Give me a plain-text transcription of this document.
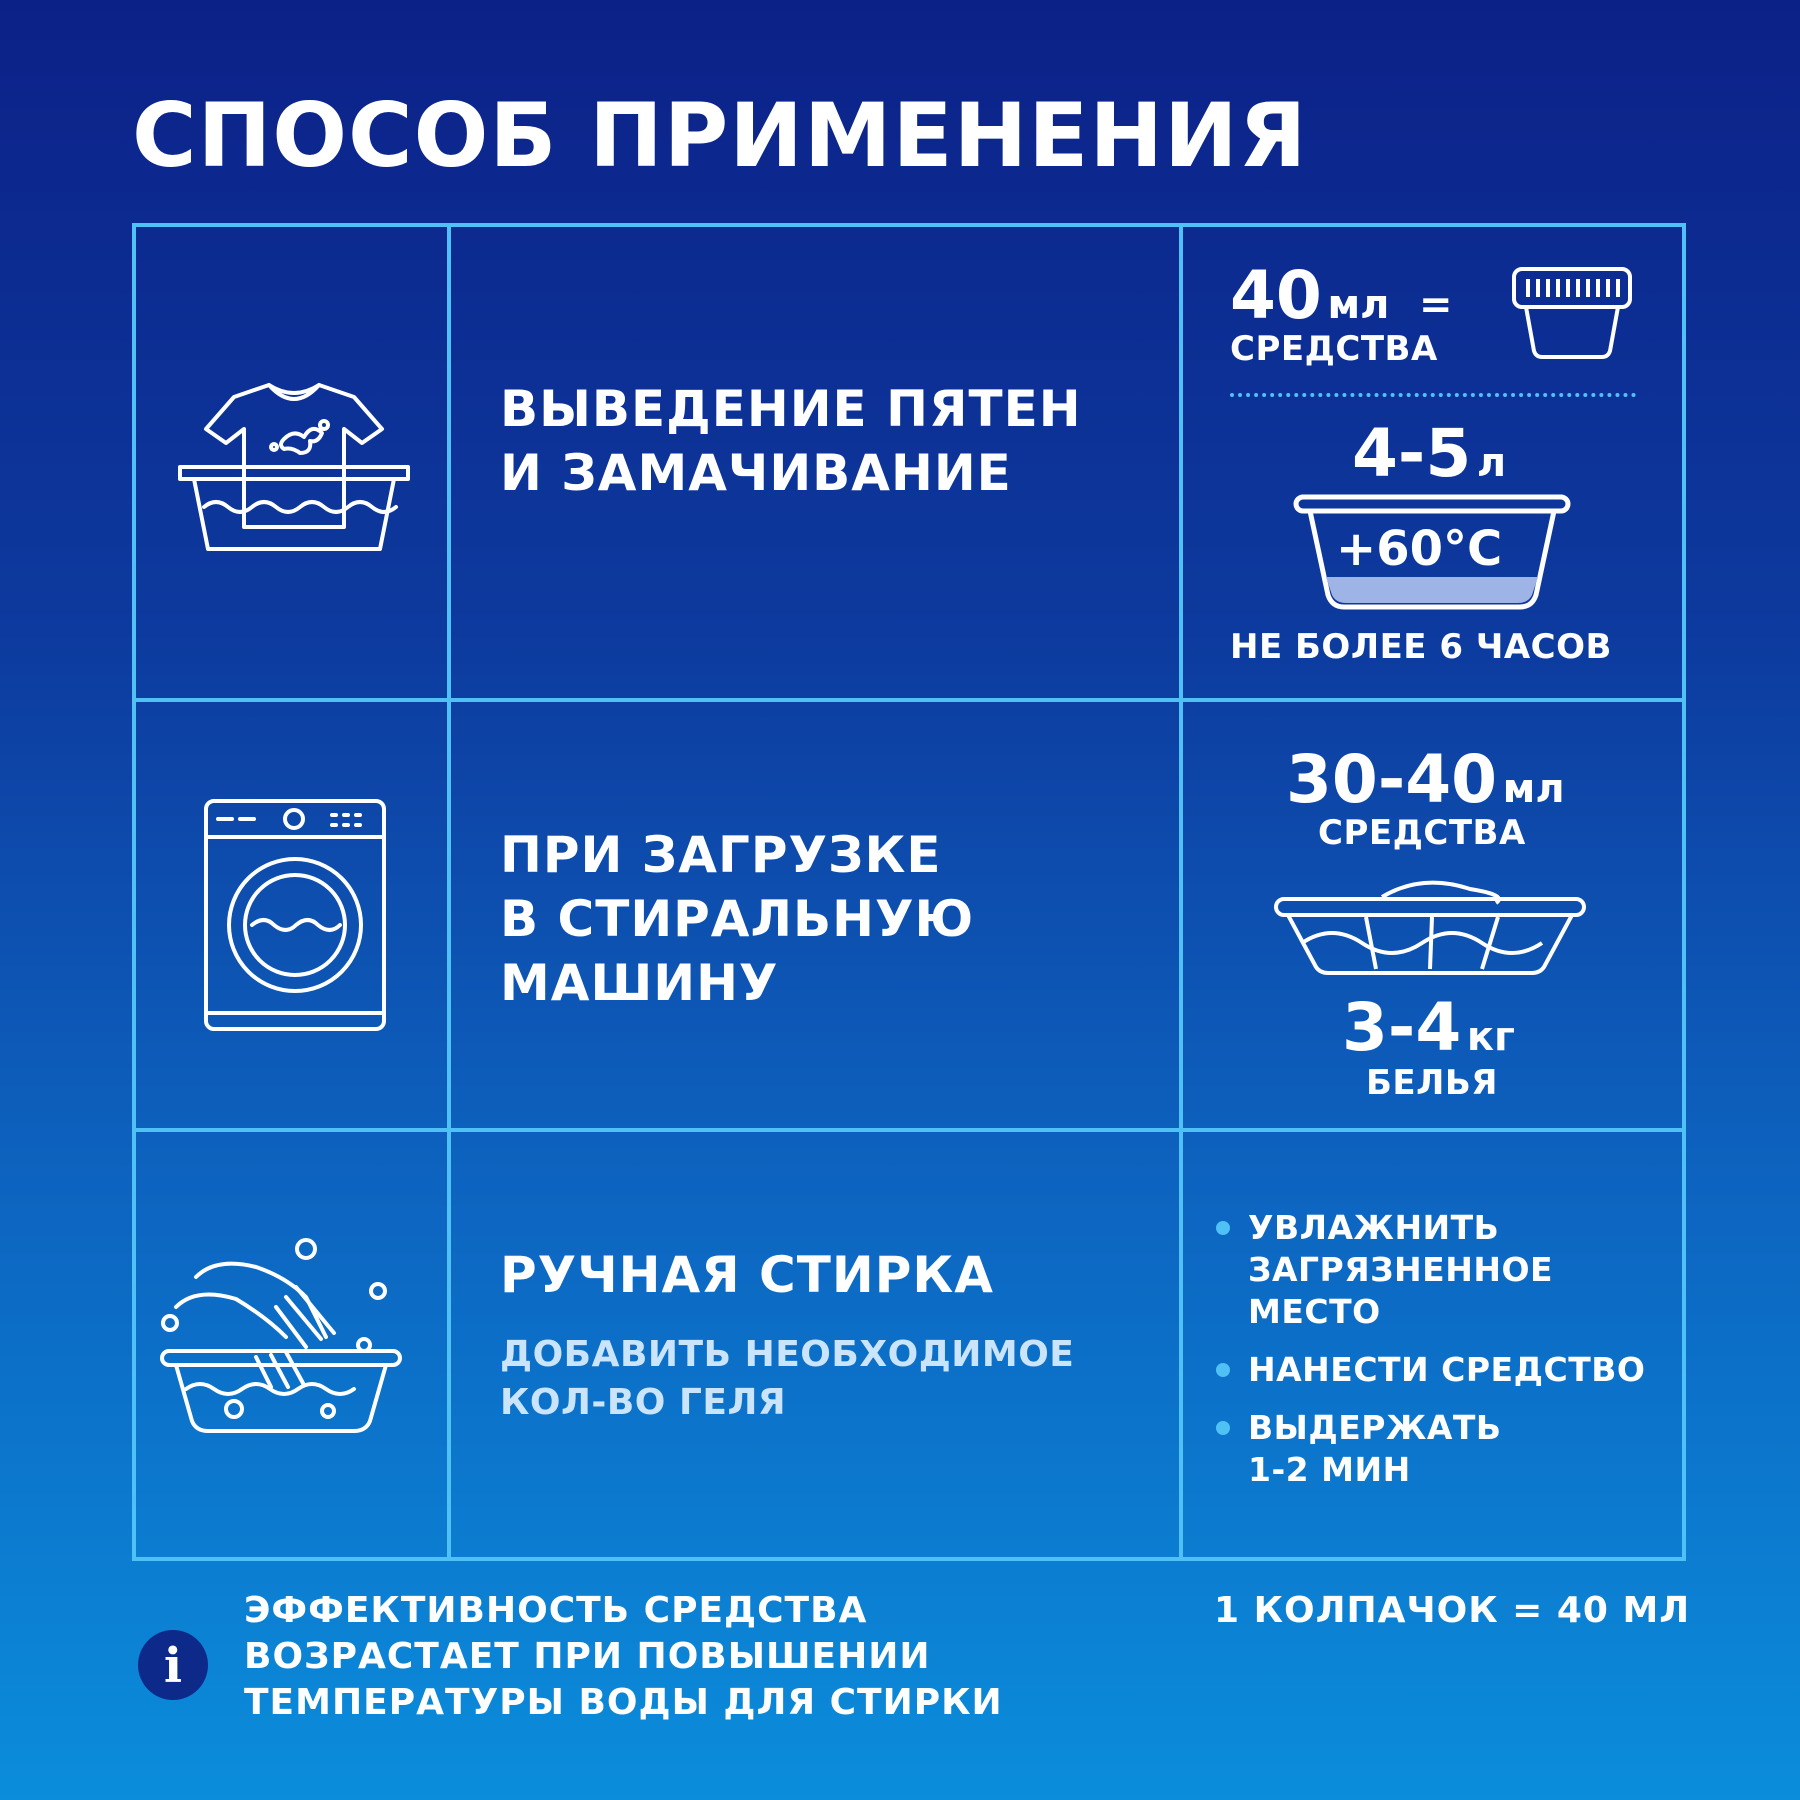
СПОСОБ ПРИМЕНЕНИЯ
ВЫВЕДЕНИЕ ПЯТЕН
И ЗАМАЧИВАНИЕ
40 мл =
СРЕДСТВА
4-5 л
+60°C
НЕ БОЛЕЕ 6 ЧАСОВ
ПРИ ЗАГРУЗКЕ
В СТИРАЛЬНУЮ
МАШИНУ
30-40 мл
СРЕДСТВА
3-4 кг
БЕЛЬЯ
РУЧНАЯ СТИРКА
ДОБАВИТЬ НЕОБХОДИМОЕ
КОЛ-ВО ГЕЛЯ
УВЛАЖНИТЬ
ЗАГРЯЗНЕННОЕ
МЕСТО
НАНЕСТИ СРЕДСТВО
ВЫДЕРЖАТЬ
1-2 МИН
i
ЭФФЕКТИВНОСТЬ СРЕДСТВА
ВОЗРАСТАЕТ ПРИ ПОВЫШЕНИИ
ТЕМПЕРАТУРЫ ВОДЫ ДЛЯ СТИРКИ
1 КОЛПАЧОК = 40 МЛ
